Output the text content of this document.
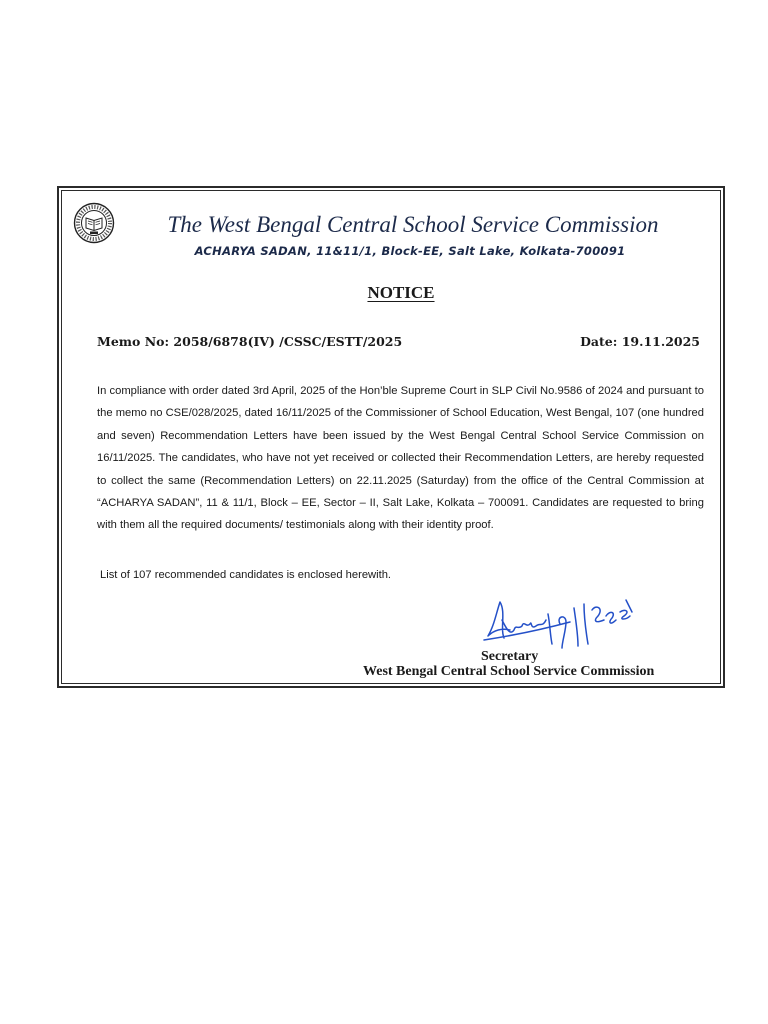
The West Bengal Central School Service Commission
ACHARYA SADAN, 11&11/1, Block-EE, Salt Lake, Kolkata-700091
NOTICE
Memo No: 2058/6878(IV) /CSSC/ESTT/2025	Date: 19.11.2025

In compliance with order dated 3rd April, 2025 of the Hon’ble Supreme Court in SLP Civil No.9586 of 2024 and pursuant to the memo no CSE/028/2025, dated 16/11/2025 of the Commissioner of School Education, West Bengal, 107 (one hundred and seven) Recommendation Letters have been issued by the West Bengal Central School Service Commission on 16/11/2025. The candidates, who have not yet received or collected their Recommendation Letters, are hereby requested to collect the same (Recommendation Letters) on 22.11.2025 (Saturday) from the office of the Central Commission at “ACHARYA SADAN”, 11 & 11/1, Block – EE, Sector – II, Salt Lake, Kolkata – 700091. Candidates are requested to bring with them all the required documents/ testimonials along with their identity proof.

List of 107 recommended candidates is enclosed herewith.
Secretary
West Bengal Central School Service Commission
